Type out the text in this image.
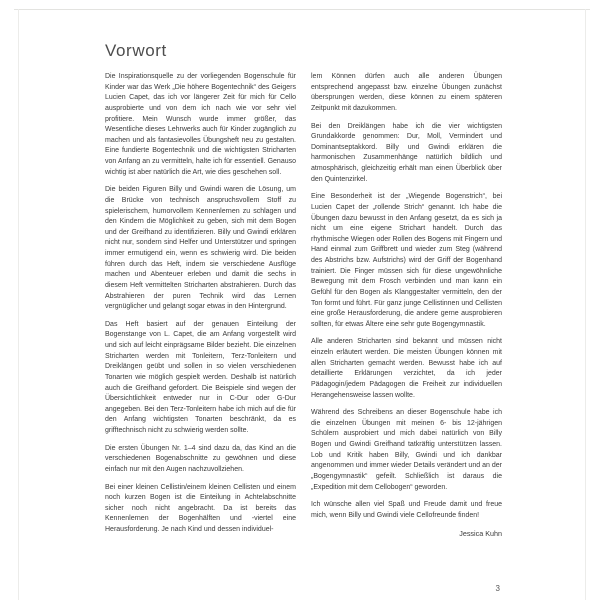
Vorwort

Die Inspirationsquelle zu der vorliegenden Bogenschule für Kinder war das Werk „Die höhere Bogentechnik“ des Geigers Lucien Capet, das ich vor längerer Zeit für mich für Cello ausprobierte und von dem ich nach wie vor sehr viel profitiere. Mein Wunsch wurde immer größer, das Wesentliche dieses Lehrwerks auch für Kinder zugänglich zu machen und als fantasievolles Übungsheft neu zu gestalten. Eine fundierte Bogentechnik und die wichtigsten Stricharten von Anfang an zu vermitteln, halte ich für essentiell. Genauso wichtig ist aber natürlich die Art, wie dies geschehen soll.

Die beiden Figuren Billy und Gwindi waren die Lösung, um die Brücke von technisch anspruchsvollem Stoff zu spielerischem, humorvollem Kennenlernen zu schlagen und den Kindern die Möglichkeit zu geben, sich mit dem Bogen und der Greifhand zu identifizieren. Billy und Gwindi erklären nicht nur, sondern sind Helfer und Unterstützer und springen immer ermutigend ein, wenn es schwierig wird. Die beiden führen durch das Heft, indem sie verschiedene Ausflüge machen und Abenteuer erleben und damit die sechs in diesem Heft vermittelten Stricharten abstrahieren. Durch das Abstrahieren der puren Technik wird das Lernen vergnüglicher und gelangt sogar etwas in den Hintergrund.

Das Heft basiert auf der genauen Einteilung der Bogenstange von L. Capet, die am Anfang vorgestellt wird und sich auf leicht einprägsame Bilder bezieht. Die einzelnen Stricharten werden mit Tonleitern, Terz-Tonleitern und Dreiklängen geübt und sollen in so vielen verschiedenen Tonarten wie möglich gespielt werden. Deshalb ist natürlich auch die Greifhand gefordert. Die Beispiele sind wegen der Übersichtlichkeit entweder nur in C-Dur oder G-Dur angegeben. Bei den Terz-Tonleitern habe ich mich auf die für den Anfang wichtigsten Tonarten beschränkt, da es grifftechnisch nicht zu schwierig werden sollte.

Die ersten Übungen Nr. 1–4 sind dazu da, das Kind an die verschiedenen Bogenabschnitte zu gewöhnen und diese einfach nur mit den Augen nachzuvollziehen.

Bei einer kleinen Cellistin/einem kleinen Cellisten und einem noch kurzen Bogen ist die Einteilung in Achtelabschnitte sicher noch nicht angebracht. Da ist bereits das Kennenlernen der Bogenhälften und -viertel eine Herausforderung. Je nach Kind und dessen individuel-

lem Können dürfen auch alle anderen Übungen entsprechend angepasst bzw. einzelne Übungen zunächst übersprungen werden, diese können zu einem späteren Zeitpunkt mit dazukommen.

Bei den Dreiklängen habe ich die vier wichtigsten Grundakkorde genommen: Dur, Moll, Vermindert und Dominantseptakkord. Billy und Gwindi erklären die harmonischen Zusammenhänge natürlich bildlich und atmosphärisch, gleichzeitig erhält man einen Überblick über den Quintenzirkel.

Eine Besonderheit ist der „Wiegende Bogenstrich“, bei Lucien Capet der „rollende Strich“ genannt. Ich habe die Übungen dazu bewusst in den Anfang gesetzt, da es sich ja nicht um eine eigene Strichart handelt. Durch das rhythmische Wiegen oder Rollen des Bogens mit Fingern und Hand einmal zum Griffbrett und wieder zum Steg (während des Abstrichs bzw. Aufstrichs) wird der Griff der Bogenhand trainiert. Die Finger müssen sich für diese ungewöhnliche Bewegung mit dem Frosch verbinden und man kann ein Gefühl für den Bogen als Klanggestalter vermitteln, den der Ton formt und führt. Für ganz junge Cellistinnen und Cellisten eine große Herausforderung, die andere gerne ausprobieren sollten, für etwas Ältere eine sehr gute Bogengymnastik.

Alle anderen Stricharten sind bekannt und müssen nicht einzeln erläutert werden. Die meisten Übungen können mit allen Stricharten gemacht werden. Bewusst habe ich auf detaillierte Erklärungen verzichtet, da ich jeder Pädagogin/jedem Pädagogen die Freiheit zur individuellen Herangehensweise lassen wollte.

Während des Schreibens an dieser Bogenschule habe ich die einzelnen Übungen mit meinen 6- bis 12-jährigen Schülern ausprobiert und mich dabei natürlich von Billy Bogen und Gwindi Greifhand tatkräftig unterstützen lassen. Lob und Kritik haben Billy, Gwindi und ich dankbar angenommen und immer wieder Details verändert und an der „Bogengymnastik“ gefeilt. Schließlich ist daraus die „Expedition mit dem Cellobogen“ geworden.

Ich wünsche allen viel Spaß und Freude damit und freue mich, wenn Billy und Gwindi viele Cellofreunde finden!

Jessica Kuhn
3
